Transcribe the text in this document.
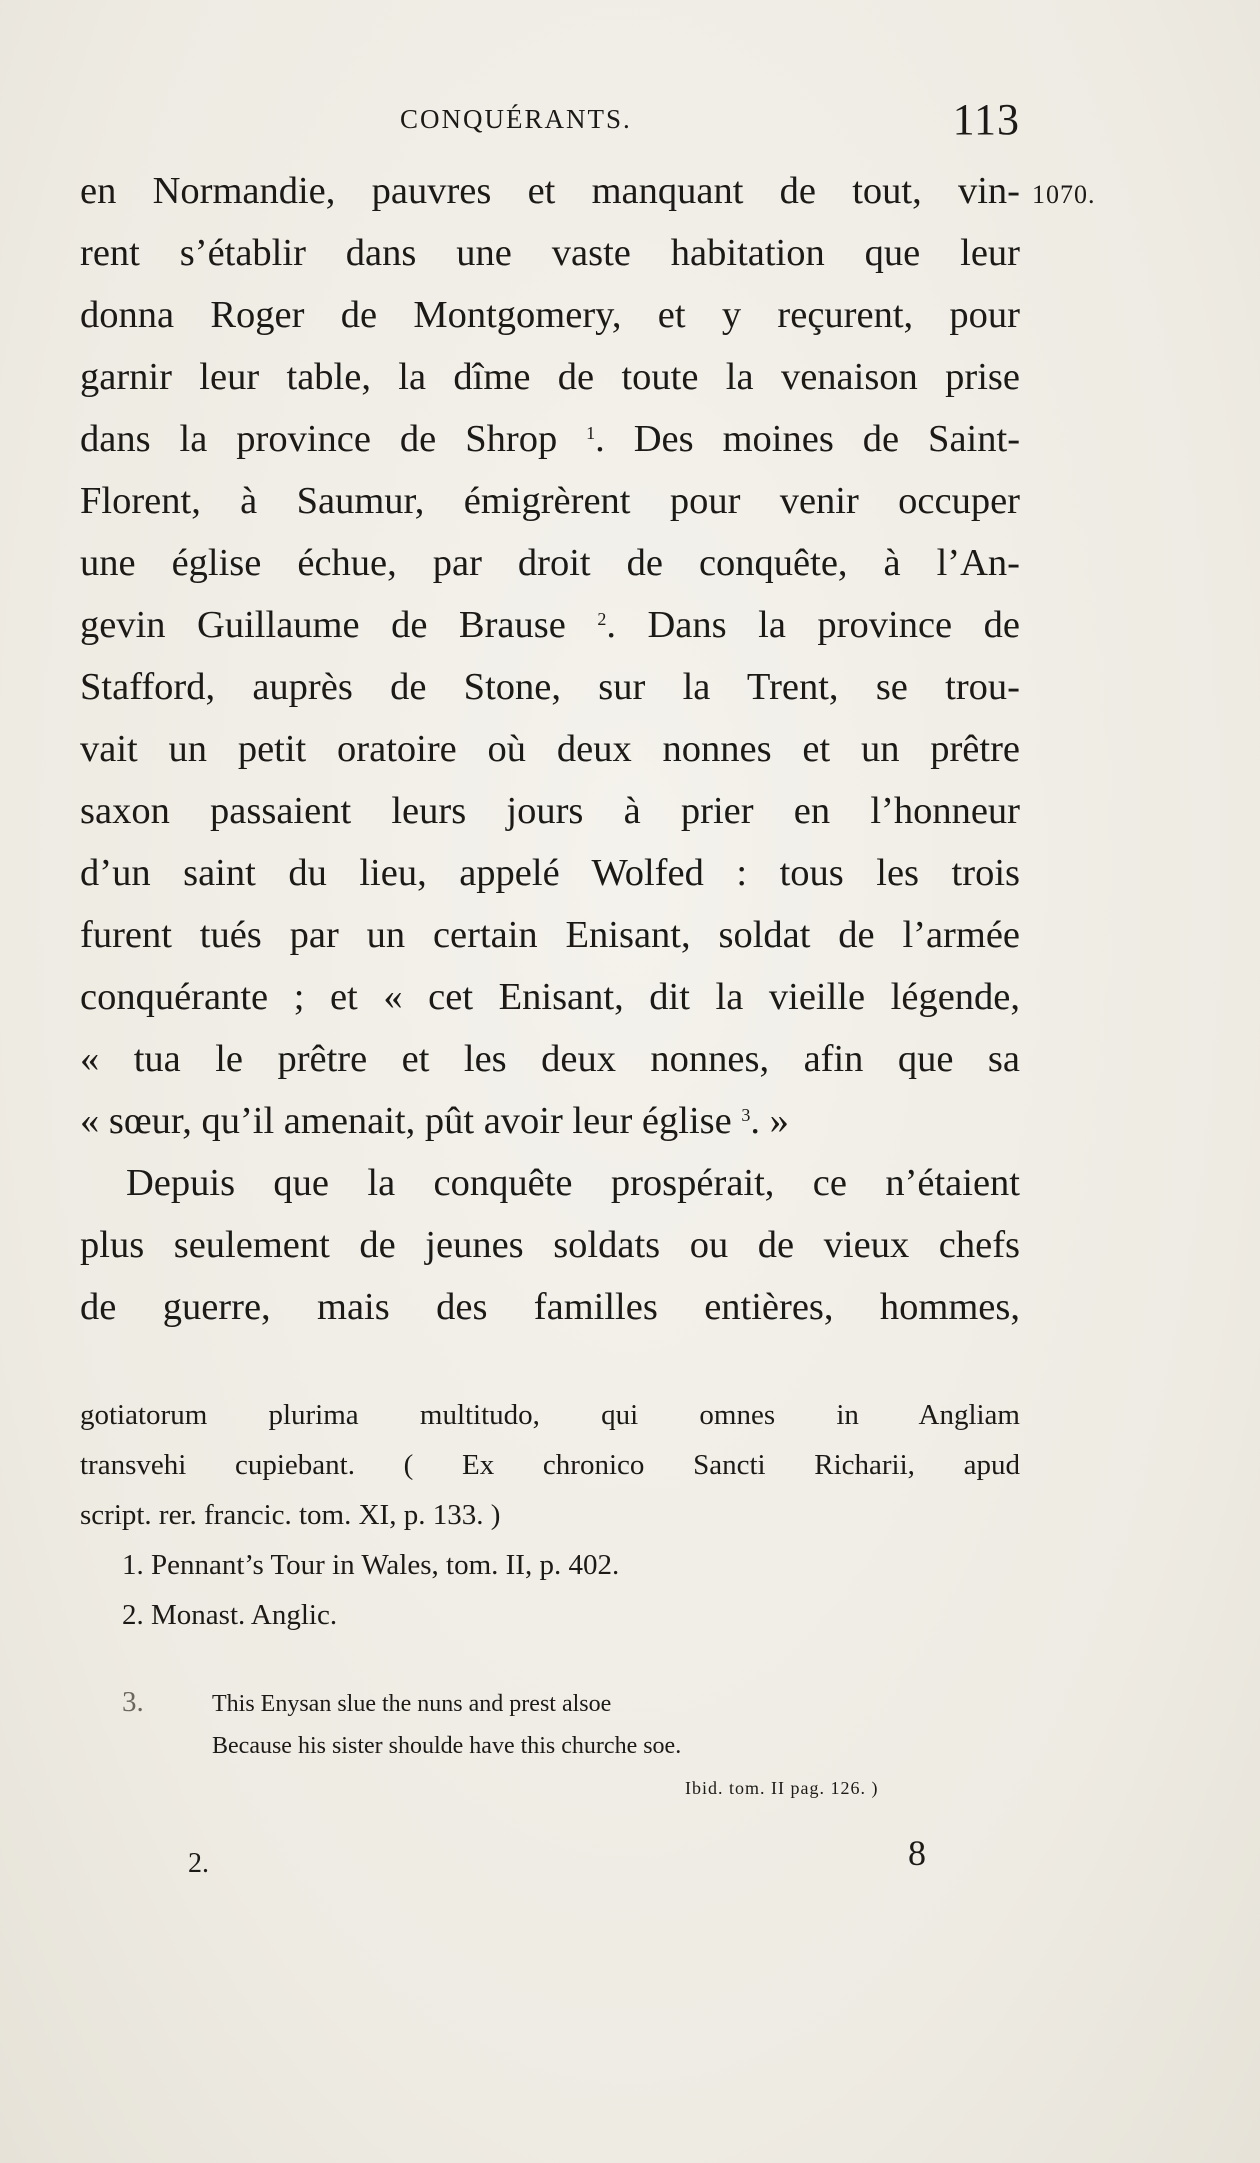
CONQUÉRANTS.	113
1070.
en Normandie, pauvres et manquant de tout, vin-
rent s’établir dans une vaste habitation que leur
donna Roger de Montgomery, et y reçurent, pour
garnir leur table, la dîme de toute la venaison prise
dans la province de Shrop $^1$. Des moines de Saint-
Florent, à Saumur, émigrèrent pour venir occuper
une église échue, par droit de conquête, à l’An-
gevin Guillaume de Brause $^2$. Dans la province de
Stafford, auprès de Stone, sur la Trent, se trou-
vait un petit oratoire où deux nonnes et un prêtre
saxon passaient leurs jours à prier en l’honneur
d’un saint du lieu, appelé Wolfed : tous les trois
furent tués par un certain Enisant, soldat de l’armée
conquérante ; et « cet Enisant, dit la vieille légende,
« tua le prêtre et les deux nonnes, afin que sa
« sœur, qu’il amenait, pût avoir leur église $^3$. »
Depuis que la conquête prospérait, ce n’étaient
plus seulement de jeunes soldats ou de vieux chefs
de guerre, mais des familles entières, hommes,
gotiatorum plurima multitudo, qui omnes in Angliam
transvehi cupiebant. ( Ex chronico Sancti Richarii, apud
script. rer. francic. tom. XI, p. 133. )
1. Pennant’s Tour in Wales, tom. II, p. 402.
2. Monast. Anglic.
3.	This Enysan slue the nuns and prest alsoe
Because his sister shoulde have this churche soe.
Ibid. tom. II pag. 126. )
2.	8
